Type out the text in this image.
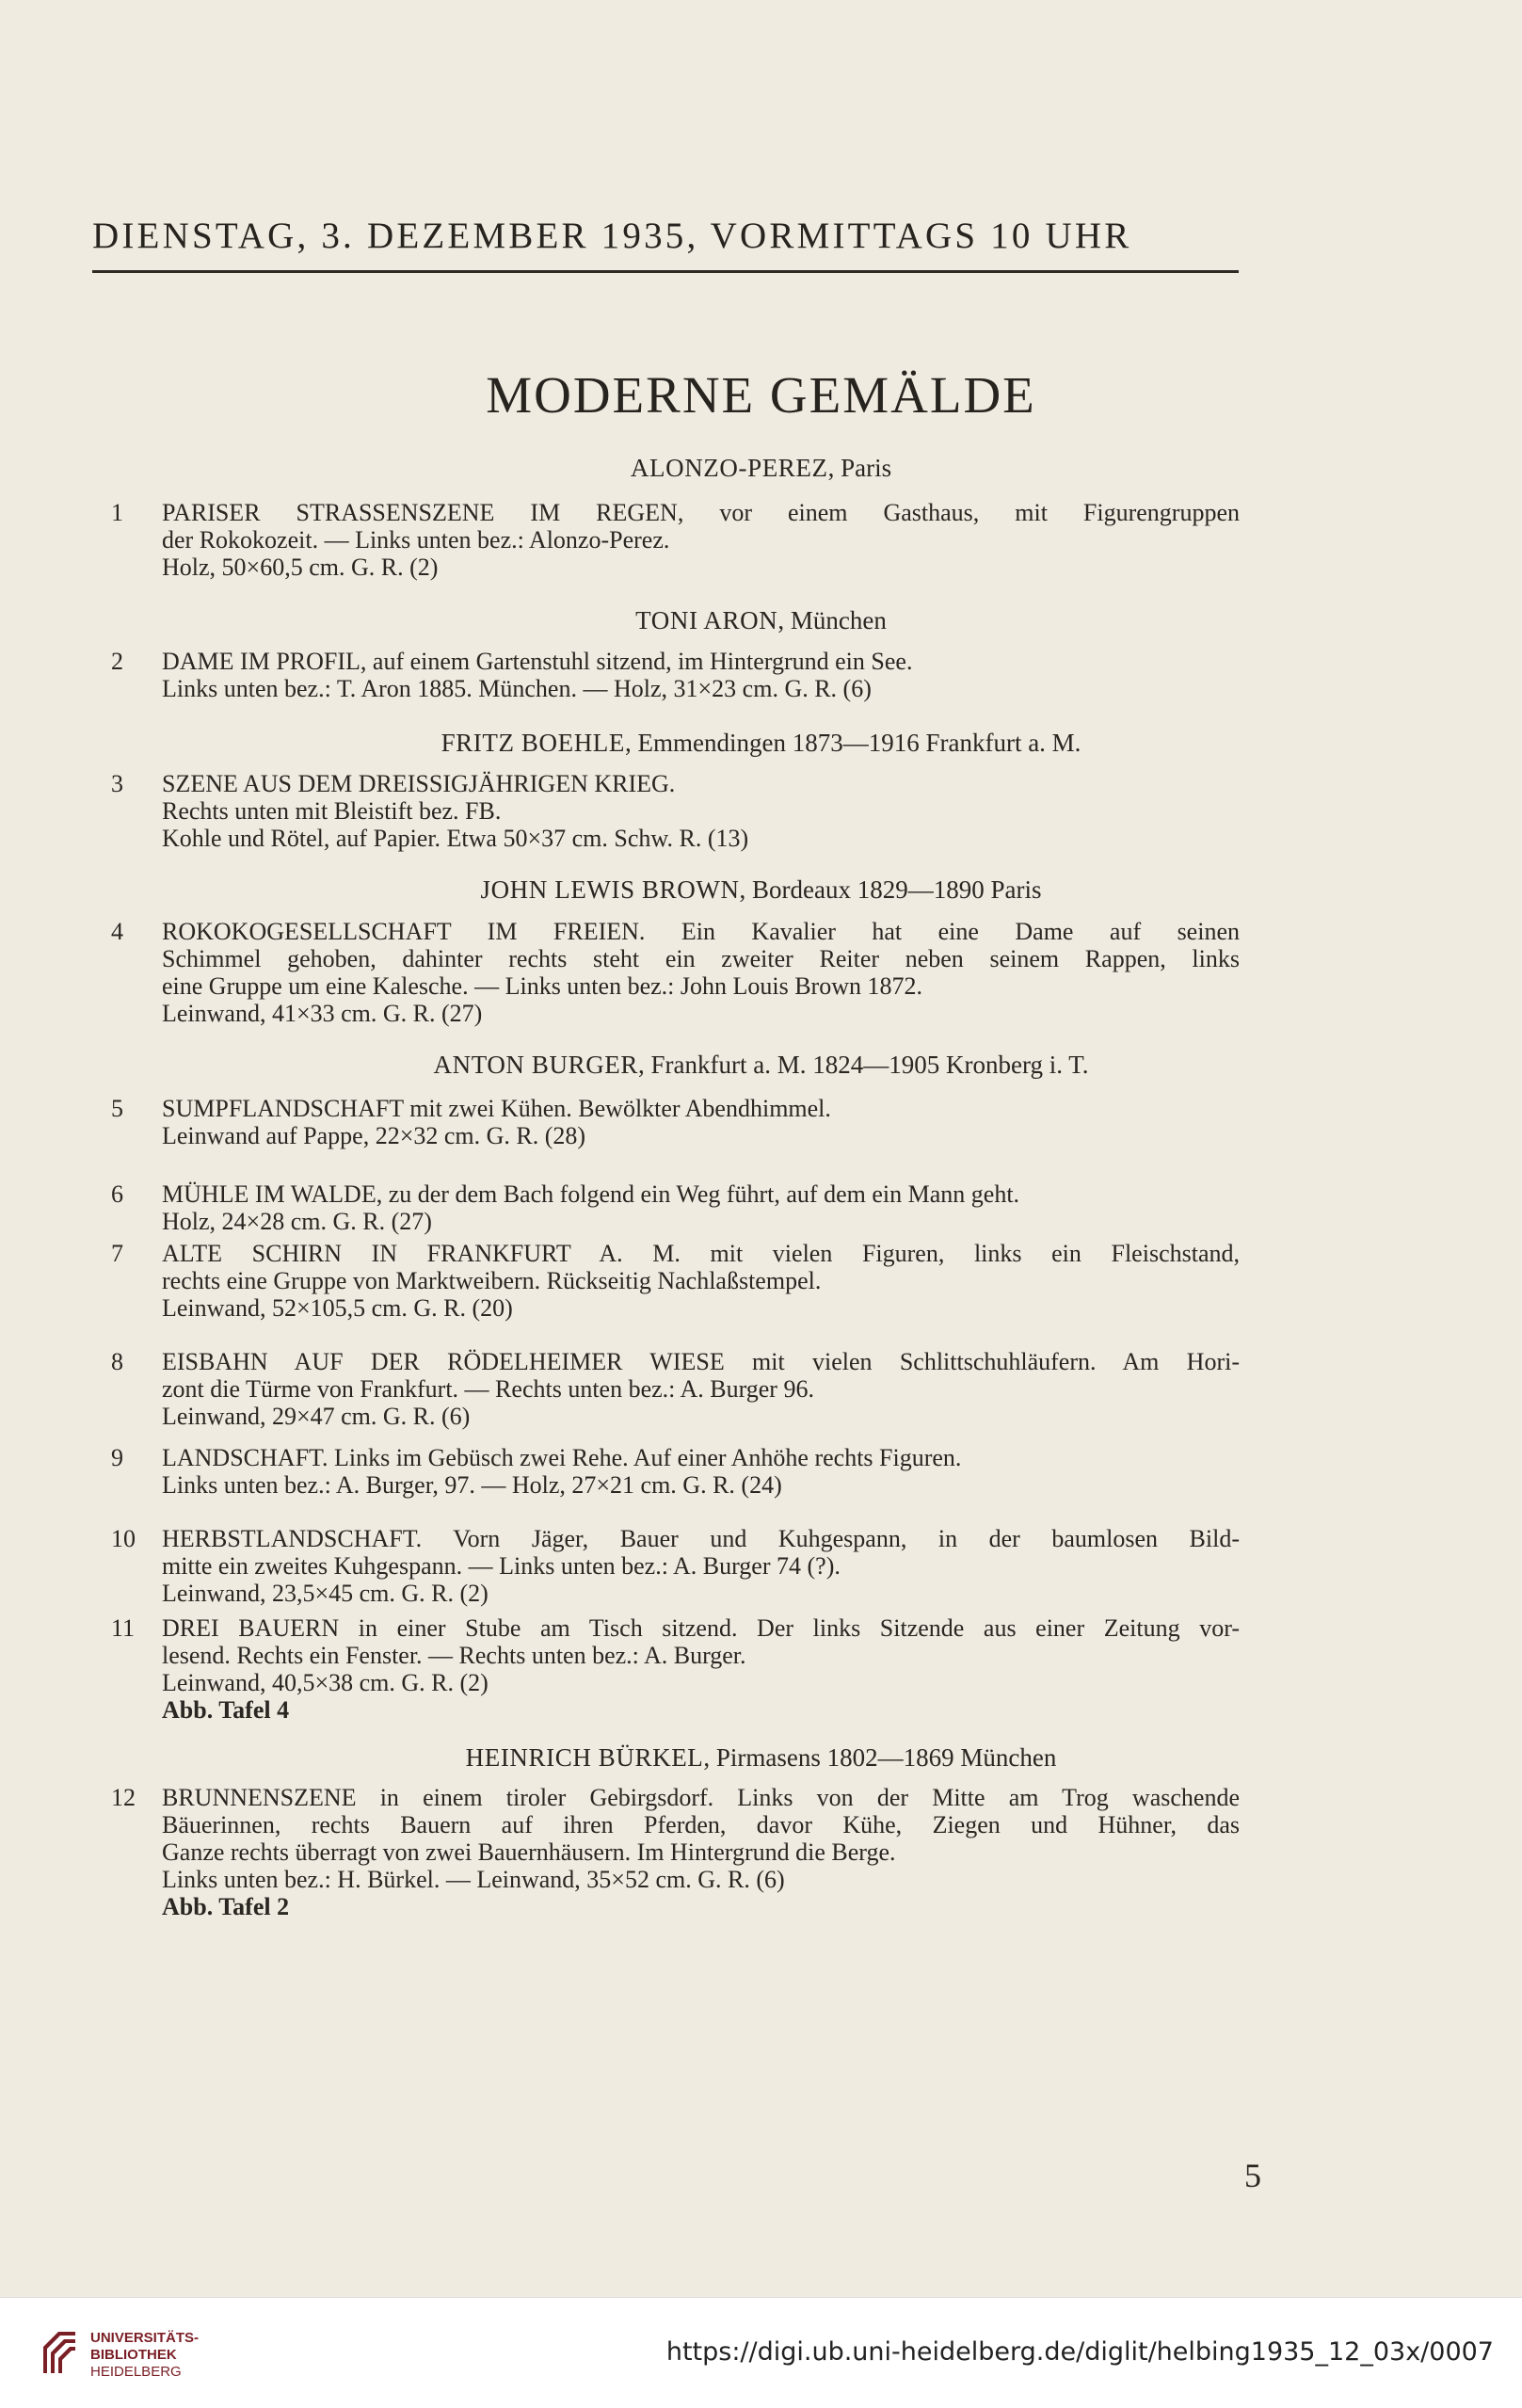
DIENSTAG, 3. DEZEMBER 1935, VORMITTAGS 10 UHR
MODERNE GEMÄLDE
ALONZO-PEREZ, Paris
1	PARISER STRASSENSZENE IM REGEN, vor einem Gasthaus, mit Figurengruppen
der Rokokozeit. — Links unten bez.: Alonzo-Perez.
Holz, 50×60,5 cm. G. R. (2)
TONI ARON, München
2	DAME IM PROFIL, auf einem Gartenstuhl sitzend, im Hintergrund ein See.
Links unten bez.: T. Aron 1885. München. — Holz, 31×23 cm. G. R. (6)
FRITZ BOEHLE, Emmendingen 1873—1916 Frankfurt a. M.
3	SZENE AUS DEM DREISSIGJÄHRIGEN KRIEG.
Rechts unten mit Bleistift bez. FB.
Kohle und Rötel, auf Papier. Etwa 50×37 cm. Schw. R. (13)
JOHN LEWIS BROWN, Bordeaux 1829—1890 Paris
4	ROKOKOGESELLSCHAFT IM FREIEN. Ein Kavalier hat eine Dame auf seinen
Schimmel gehoben, dahinter rechts steht ein zweiter Reiter neben seinem Rappen, links
eine Gruppe um eine Kalesche. — Links unten bez.: John Louis Brown 1872.
Leinwand, 41×33 cm. G. R. (27)
ANTON BURGER, Frankfurt a. M. 1824—1905 Kronberg i. T.
5	SUMPFLANDSCHAFT mit zwei Kühen. Bewölkter Abendhimmel.
Leinwand auf Pappe, 22×32 cm. G. R. (28)
6	MÜHLE IM WALDE, zu der dem Bach folgend ein Weg führt, auf dem ein Mann geht.
Holz, 24×28 cm. G. R. (27)
7	ALTE SCHIRN IN FRANKFURT A. M. mit vielen Figuren, links ein Fleischstand,
rechts eine Gruppe von Marktweibern. Rückseitig Nachlaßstempel.
Leinwand, 52×105,5 cm. G. R. (20)
8	EISBAHN AUF DER RÖDELHEIMER WIESE mit vielen Schlittschuhläufern. Am Hori-
zont die Türme von Frankfurt. — Rechts unten bez.: A. Burger 96.
Leinwand, 29×47 cm. G. R. (6)
9	LANDSCHAFT. Links im Gebüsch zwei Rehe. Auf einer Anhöhe rechts Figuren.
Links unten bez.: A. Burger, 97. — Holz, 27×21 cm. G. R. (24)
10	HERBSTLANDSCHAFT. Vorn Jäger, Bauer und Kuhgespann, in der baumlosen Bild-
mitte ein zweites Kuhgespann. — Links unten bez.: A. Burger 74 (?).
Leinwand, 23,5×45 cm. G. R. (2)
11	DREI BAUERN in einer Stube am Tisch sitzend. Der links Sitzende aus einer Zeitung vor-
lesend. Rechts ein Fenster. — Rechts unten bez.: A. Burger.
Leinwand, 40,5×38 cm. G. R. (2)
Abb. Tafel 4
HEINRICH BÜRKEL, Pirmasens 1802—1869 München
12	BRUNNENSZENE in einem tiroler Gebirgsdorf. Links von der Mitte am Trog waschende
Bäuerinnen, rechts Bauern auf ihren Pferden, davor Kühe, Ziegen und Hühner, das
Ganze rechts überragt von zwei Bauernhäusern. Im Hintergrund die Berge.
Links unten bez.: H. Bürkel. — Leinwand, 35×52 cm. G. R. (6)
Abb. Tafel 2
5
UNIVERSITÄTS-
BIBLIOTHEK
HEIDELBERG
https://digi.ub.uni-heidelberg.de/diglit/helbing1935_12_03x/0007
